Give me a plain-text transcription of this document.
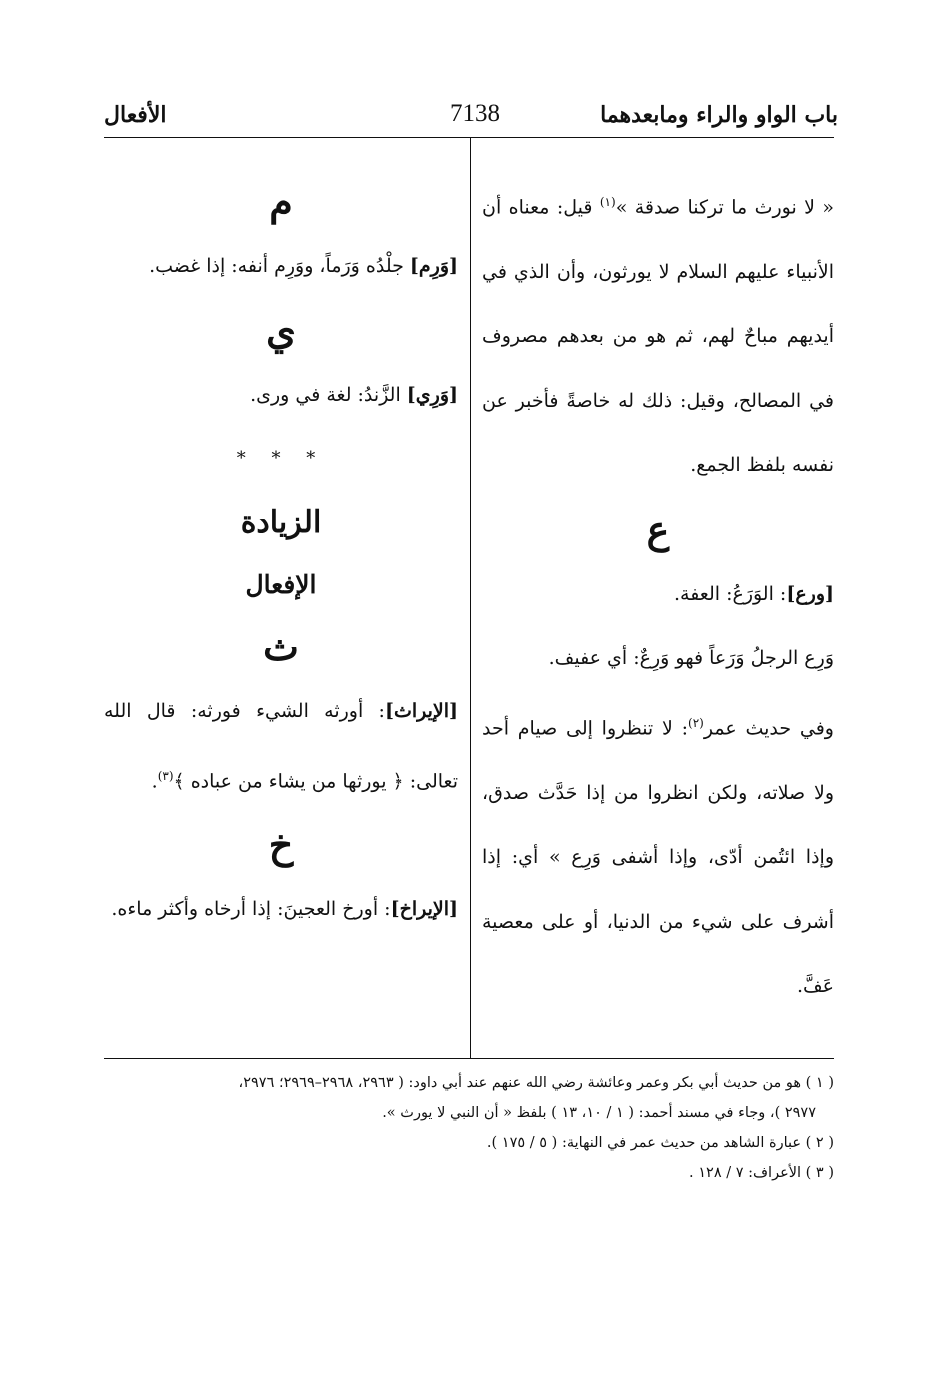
باب الواو والراء ومابعدهما
7138
الأفعال

« لا نورث ما تركنا صدقة »$^{(١)}$ قيل: معناه أن الأنبياء عليهم السلام لا يورثون، وأن الذي في أيديهم مباحٌ لهم، ثم هو من بعدهم مصروف في المصالح، وقيل: ذلك له خاصةً فأخبر عن نفسه بلفظ الجمع.

ع

[ورع]: الوَرَعُ: العفة.

وَرِع الرجلُ وَرَعاً فهو وَرِعٌ: أي عفيف.

وفي حديث عمر$^{(٢)}$: لا تنظروا إلى صيام أحد ولا صلاته، ولكن انظروا من إذا حَدَّث صدق، وإذا ائتُمن أدّى، وإذا أشفى وَرِع » أي: إذا أشرف على شيء من الدنيا، أو على معصية عَفَّ.

م

[وَرِم] جلْدُه وَرَماً، ووَرِم أنفه: إذا غضب.

ي

[وَرِي] الزَّندُ: لغة في ورى.

* * *

الزيادة

الإفعال

ث

[الإيراث]: أورثه الشيء فورثه: قال الله تعالى: ﴿ يورثها من يشاء من عباده ﴾$^{(٣)}$.

خ

[الإيراخ]: أورخ العجينَ: إذا أرخاه وأكثر ماءه.

( ١ ) هو من حديث أبي بكر وعمر وعائشة رضي الله عنهم عند أبي داود: ( ٢٩٦٣، ٢٩٦٨–٢٩٦٩؛ ٢٩٧٦،

٢٩٧٧ )، وجاء في مسند أحمد: ( ١ / ١٠، ١٣ ) بلفظ « أن النبي لا يورث ».

( ٢ ) عبارة الشاهد من حديث عمر في النهاية: ( ٥ / ١٧٥ ).

( ٣ ) الأعراف: ٧ / ١٢٨ .
